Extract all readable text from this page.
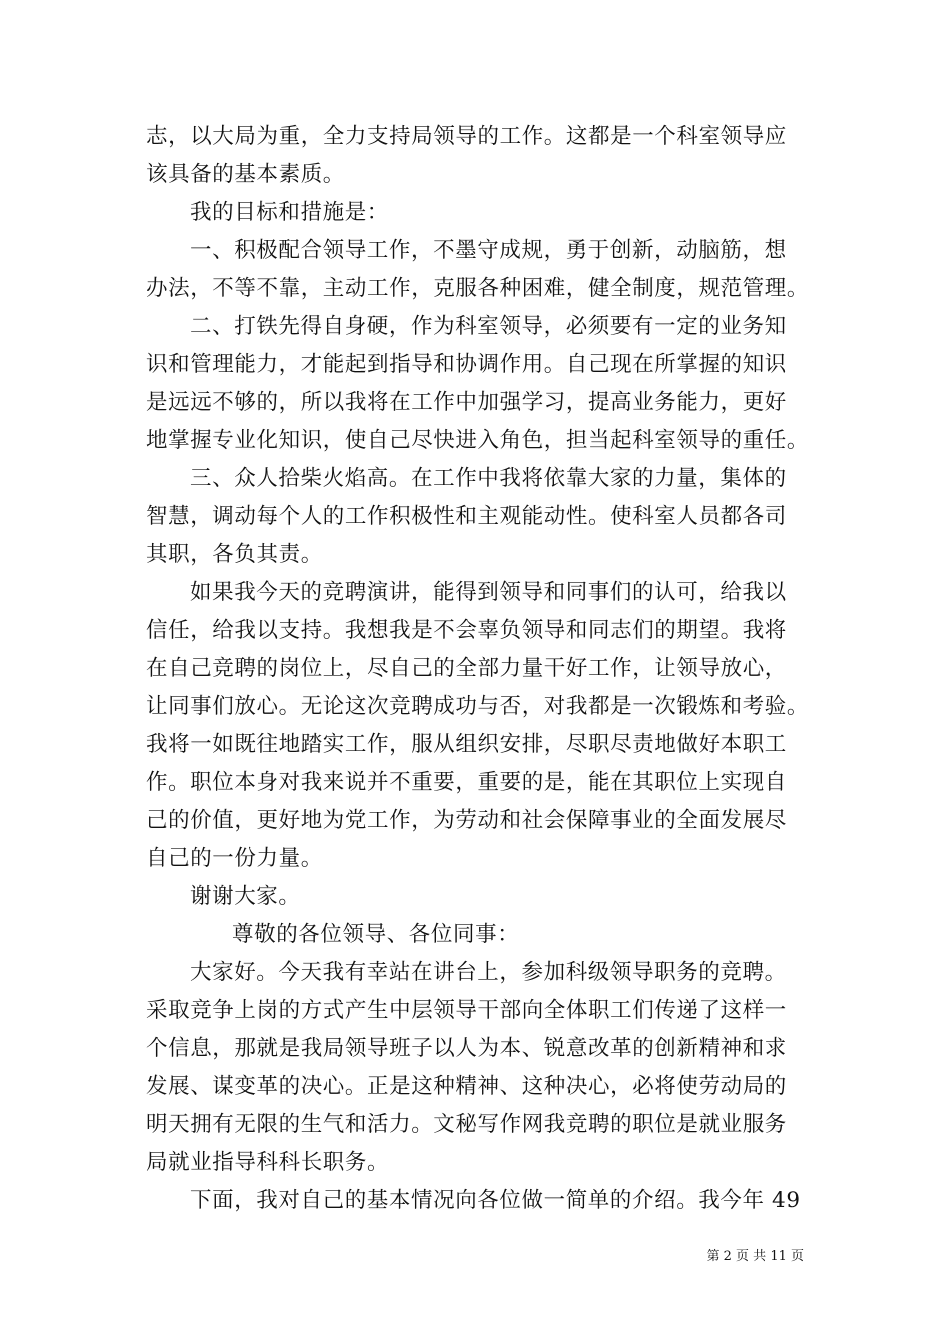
志，以大局为重，全力支持局领导的工作。这都是一个科室领导应

该具备的基本素质。

我的目标和措施是：

一、积极配合领导工作，不墨守成规，勇于创新，动脑筋，想

办法，不等不靠，主动工作，克服各种困难，健全制度，规范管理。

二、打铁先得自身硬，作为科室领导，必须要有一定的业务知

识和管理能力，才能起到指导和协调作用。自己现在所掌握的知识

是远远不够的，所以我将在工作中加强学习，提高业务能力，更好

地掌握专业化知识，使自己尽快进入角色，担当起科室领导的重任。

三、众人拾柴火焰高。在工作中我将依靠大家的力量，集体的

智慧，调动每个人的工作积极性和主观能动性。使科室人员都各司

其职，各负其责。

如果我今天的竞聘演讲，能得到领导和同事们的认可，给我以

信任，给我以支持。我想我是不会辜负领导和同志们的期望。我将

在自己竞聘的岗位上，尽自己的全部力量干好工作，让领导放心，

让同事们放心。无论这次竞聘成功与否，对我都是一次锻炼和考验。

我将一如既往地踏实工作，服从组织安排，尽职尽责地做好本职工

作。职位本身对我来说并不重要，重要的是，能在其职位上实现自

己的价值，更好地为党工作，为劳动和社会保障事业的全面发展尽

自己的一份力量。

谢谢大家。

尊敬的各位领导、各位同事：

大家好。今天我有幸站在讲台上，参加科级领导职务的竞聘。

采取竞争上岗的方式产生中层领导干部向全体职工们传递了这样一

个信息，那就是我局领导班子以人为本、锐意改革的创新精神和求

发展、谋变革的决心。正是这种精神、这种决心，必将使劳动局的

明天拥有无限的生气和活力。文秘写作网我竞聘的职位是就业服务

局就业指导科科长职务。

下面，我对自己的基本情况向各位做一简单的介绍。我今年 49

第 2 页 共 11 页
